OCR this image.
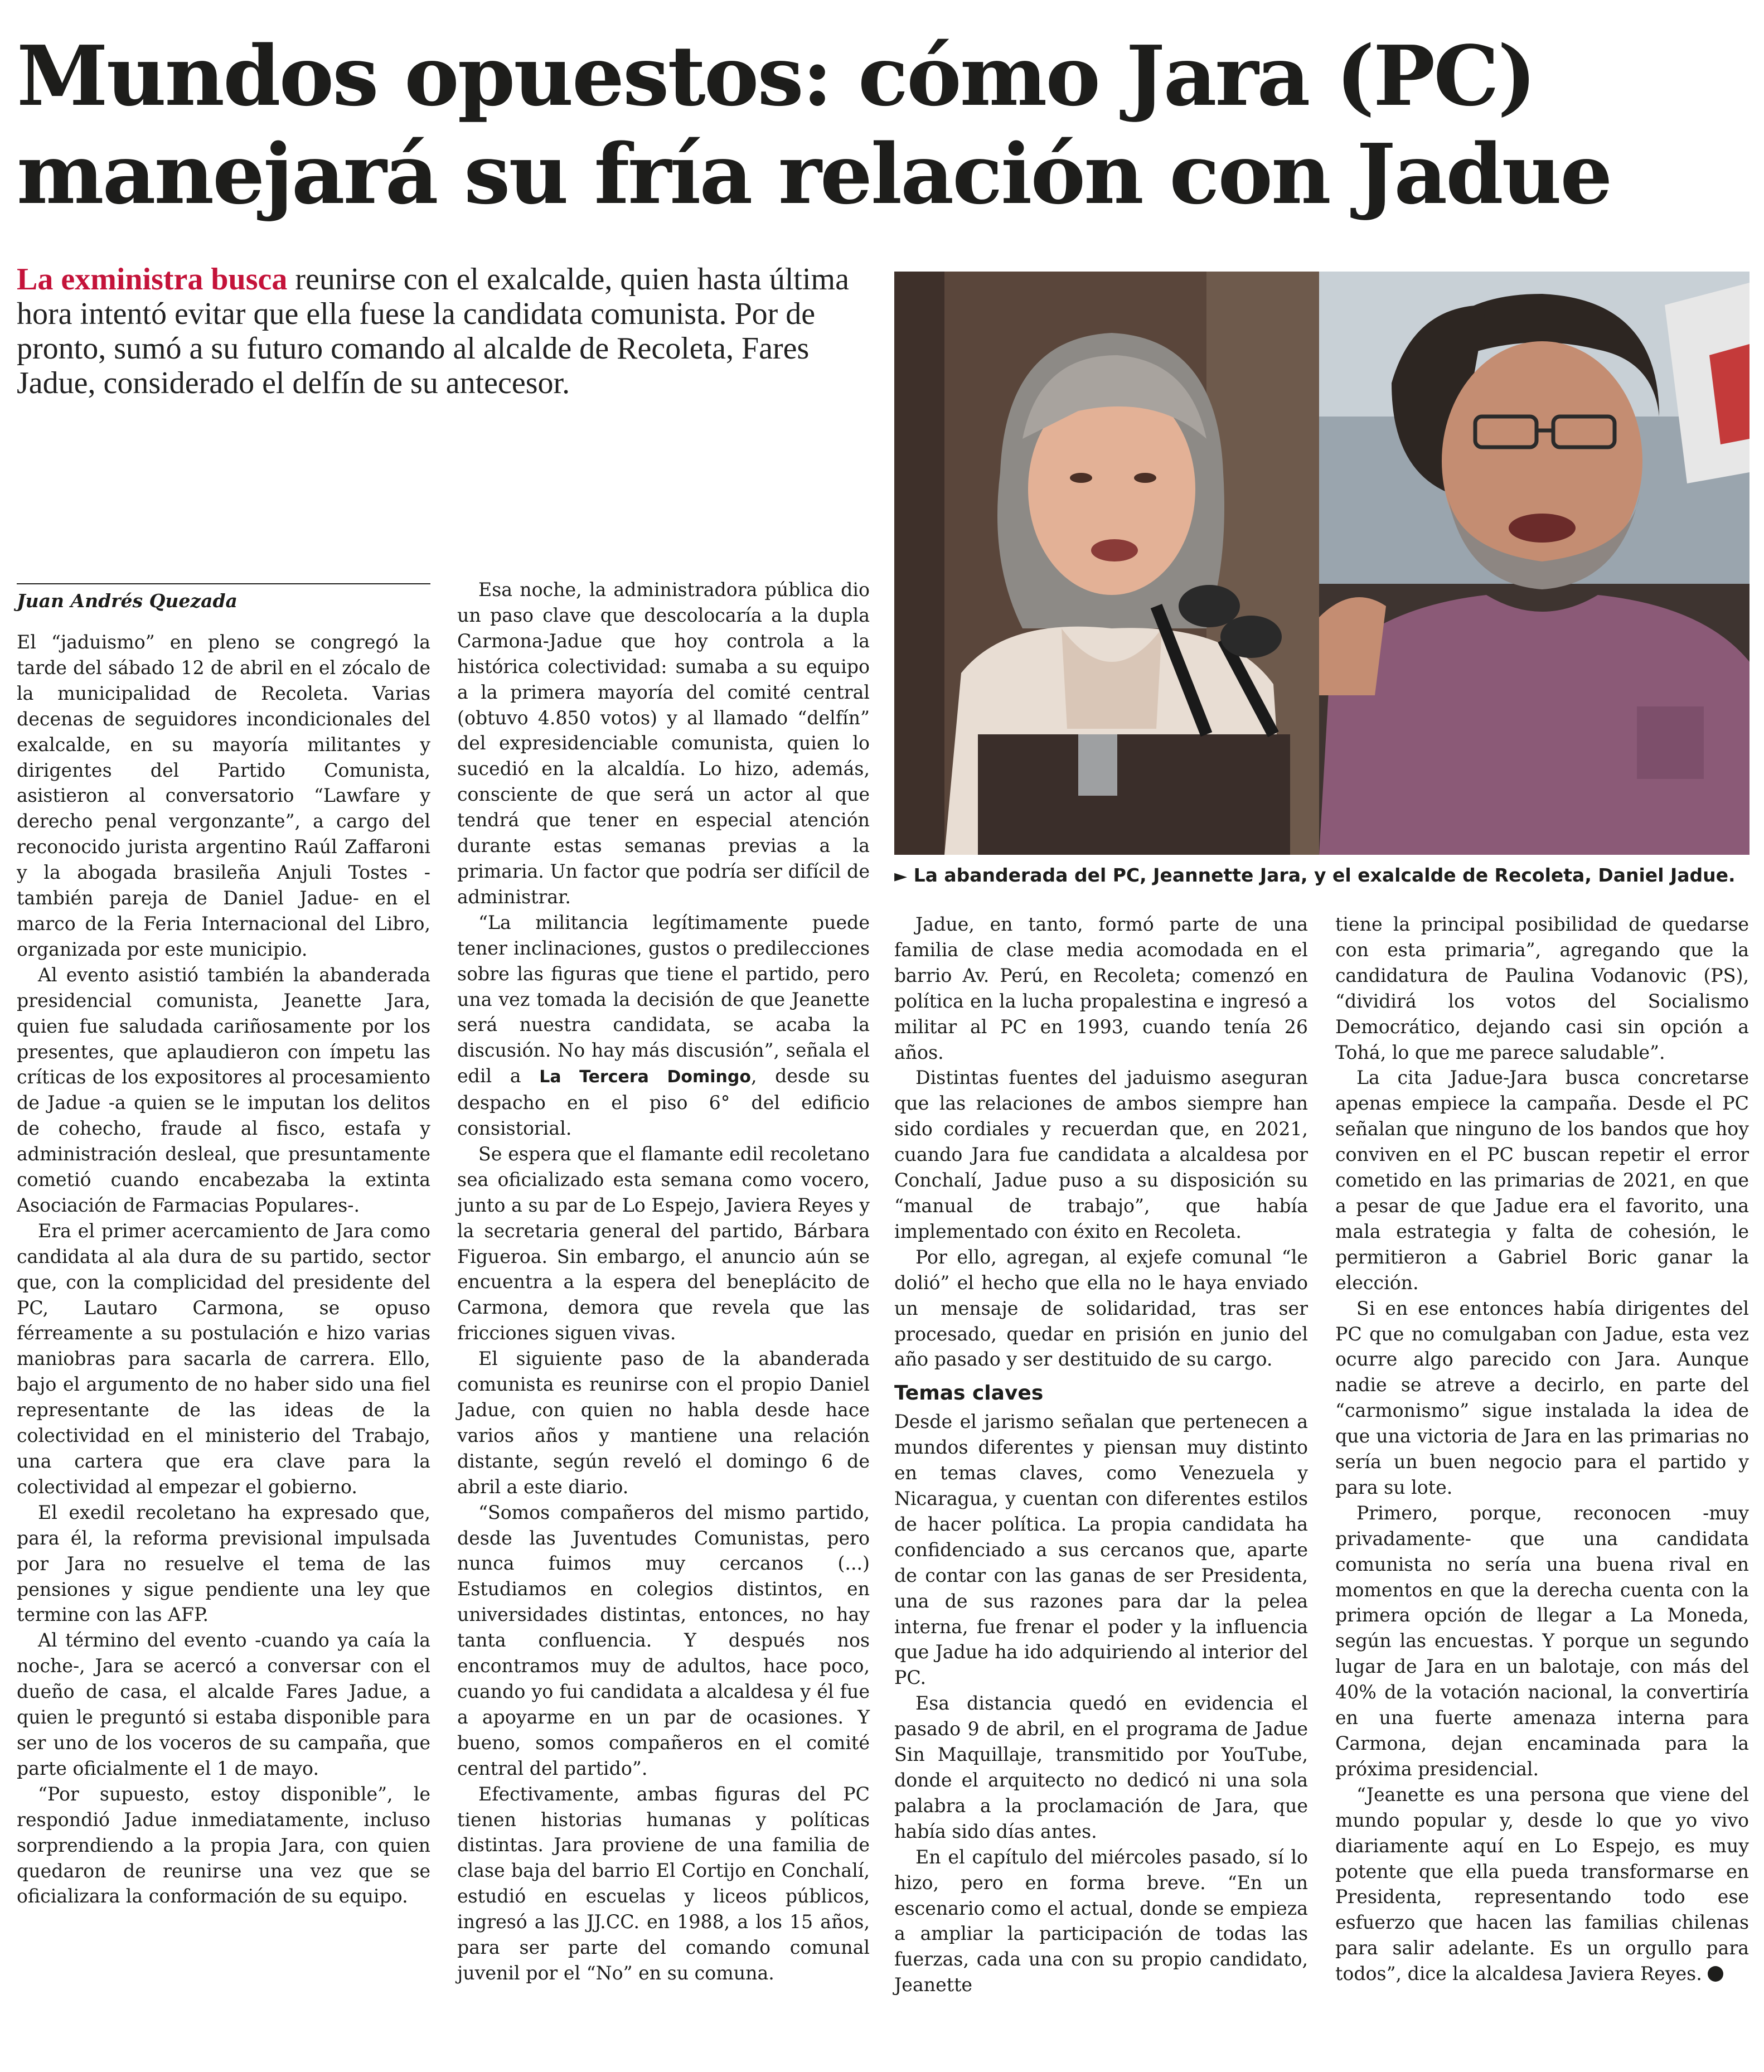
Mundos opuestos: cómo Jara (PC)
manejará su fría relación con Jadue
La exministra busca reunirse con el exalcalde, quien hasta última hora intentó evitar que ella fuese la candidata comunista. Por de pronto, sumó a su futuro comando al alcalde de Recoleta, Fares Jadue, considerado el delfín de su antecesor.
► La abanderada del PC, Jeannette Jara, y el exalcalde de Recoleta, Daniel Jadue.
Juan Andrés Quezada

El “jaduismo” en pleno se congregó la tarde del sábado 12 de abril en el zócalo de la municipalidad de Recoleta. Varias decenas de seguidores incondicionales del exalcalde, en su mayoría militantes y dirigentes del Partido Comunista, asistieron al conversatorio “Lawfare y derecho penal vergonzante”, a cargo del reconocido jurista argentino Raúl Zaffaroni y la abogada brasileña Anjuli Tostes -también pareja de Daniel Jadue- en el marco de la Feria Internacional del Libro, organizada por este municipio.

Al evento asistió también la abanderada presidencial comunista, Jeanette Jara, quien fue saludada cariñosamente por los presentes, que aplaudieron con ímpetu las críticas de los expositores al procesamiento de Jadue -a quien se le imputan los delitos de cohecho, fraude al fisco, estafa y administración desleal, que presuntamente cometió cuando encabezaba la extinta Asociación de Farmacias Populares-.

Era el primer acercamiento de Jara como candidata al ala dura de su partido, sector que, con la complicidad del presidente del PC, Lautaro Carmona, se opuso férreamente a su postulación e hizo varias maniobras para sacarla de carrera. Ello, bajo el argumento de no haber sido una fiel representante de las ideas de la colectividad en el ministerio del Trabajo, una cartera que era clave para la colectividad al empezar el gobierno.

El exedil recoletano ha expresado que, para él, la reforma previsional impulsada por Jara no resuelve el tema de las pensiones y sigue pendiente una ley que termine con las AFP.

Al término del evento -cuando ya caía la noche-, Jara se acercó a conversar con el dueño de casa, el alcalde Fares Jadue, a quien le preguntó si estaba disponible para ser uno de los voceros de su campaña, que parte oficialmente el 1 de mayo.

“Por supuesto, estoy disponible”, le respondió Jadue inmediatamente, incluso sorprendiendo a la propia Jara, con quien quedaron de reunirse una vez que se oficializara la conformación de su equipo.

Esa noche, la administradora pública dio un paso clave que descolocaría a la dupla Carmona-Jadue que hoy controla a la histórica colectividad: sumaba a su equipo a la primera mayoría del comité central (obtuvo 4.850 votos) y al llamado “delfín” del expresidenciable comunista, quien lo sucedió en la alcaldía. Lo hizo, además, consciente de que será un actor al que tendrá que tener en especial atención durante estas semanas previas a la primaria. Un factor que podría ser difícil de administrar.

“La militancia legítimamente puede tener inclinaciones, gustos o predilecciones sobre las figuras que tiene el partido, pero una vez tomada la decisión de que Jeanette será nuestra candidata, se acaba la discusión. No hay más discusión”, señala el edil a La Tercera Domingo, desde su despacho en el piso 6° del edificio consistorial.

Se espera que el flamante edil recoletano sea oficializado esta semana como vocero, junto a su par de Lo Espejo, Javiera Reyes y la secretaria general del partido, Bárbara Figueroa. Sin embargo, el anuncio aún se encuentra a la espera del beneplácito de Carmona, demora que revela que las fricciones siguen vivas.

El siguiente paso de la abanderada comunista es reunirse con el propio Daniel Jadue, con quien no habla desde hace varios años y mantiene una relación distante, según reveló el domingo 6 de abril a este diario.

“Somos compañeros del mismo partido, desde las Juventudes Comunistas, pero nunca fuimos muy cercanos (...) Estudiamos en colegios distintos, en universidades distintas, entonces, no hay tanta confluencia. Y después nos encontramos muy de adultos, hace poco, cuando yo fui candidata a alcaldesa y él fue a apoyarme en un par de ocasiones. Y bueno, somos compañeros en el comité central del partido”.

Efectivamente, ambas figuras del PC tienen historias humanas y políticas distintas. Jara proviene de una familia de clase baja del barrio El Cortijo en Conchalí, estudió en escuelas y liceos públicos, ingresó a las JJ.CC. en 1988, a los 15 años, para ser parte del comando comunal juvenil por el “No” en su comuna.

Jadue, en tanto, formó parte de una familia de clase media acomodada en el barrio Av. Perú, en Recoleta; comenzó en política en la lucha propalestina e ingresó a militar al PC en 1993, cuando tenía 26 años.

Distintas fuentes del jaduismo aseguran que las relaciones de ambos siempre han sido cordiales y recuerdan que, en 2021, cuando Jara fue candidata a alcaldesa por Conchalí, Jadue puso a su disposición su “manual de trabajo”, que había implementado con éxito en Recoleta.

Por ello, agregan, al exjefe comunal “le dolió” el hecho que ella no le haya enviado un mensaje de solidaridad, tras ser procesado, quedar en prisión en junio del año pasado y ser destituido de su cargo.

Temas claves

Desde el jarismo señalan que pertenecen a mundos diferentes y piensan muy distinto en temas claves, como Venezuela y Nicaragua, y cuentan con diferentes estilos de hacer política. La propia candidata ha confidenciado a sus cercanos que, aparte de contar con las ganas de ser Presidenta, una de sus razones para dar la pelea interna, fue frenar el poder y la influencia que Jadue ha ido adquiriendo al interior del PC.

Esa distancia quedó en evidencia el pasado 9 de abril, en el programa de Jadue Sin Maquillaje, transmitido por YouTube, donde el arquitecto no dedicó ni una sola palabra a la proclamación de Jara, que había sido días antes.

En el capítulo del miércoles pasado, sí lo hizo, pero en forma breve. “En un escenario como el actual, donde se empieza a ampliar la participación de todas las fuerzas, cada una con su propio candidato, Jeanette

tiene la principal posibilidad de quedarse con esta primaria”, agregando que la candidatura de Paulina Vodanovic (PS), “dividirá los votos del Socialismo Democrático, dejando casi sin opción a Tohá, lo que me parece saludable”.

La cita Jadue-Jara busca concretarse apenas empiece la campaña. Desde el PC señalan que ninguno de los bandos que hoy conviven en el PC buscan repetir el error cometido en las primarias de 2021, en que a pesar de que Jadue era el favorito, una mala estrategia y falta de cohesión, le permitieron a Gabriel Boric ganar la elección.

Si en ese entonces había dirigentes del PC que no comulgaban con Jadue, esta vez ocurre algo parecido con Jara. Aunque nadie se atreve a decirlo, en parte del “carmonismo” sigue instalada la idea de que una victoria de Jara en las primarias no sería un buen negocio para el partido y para su lote.

Primero, porque, reconocen -muy privadamente- que una candidata comunista no sería una buena rival en momentos en que la derecha cuenta con la primera opción de llegar a La Moneda, según las encuestas. Y porque un segundo lugar de Jara en un balotaje, con más del 40% de la votación nacional, la convertiría en una fuerte amenaza interna para Carmona, dejan encaminada para la próxima presidencial.

“Jeanette es una persona que viene del mundo popular y, desde lo que yo vivo diariamente aquí en Lo Espejo, es muy potente que ella pueda transformarse en Presidenta, representando todo ese esfuerzo que hacen las familias chilenas para salir adelante. Es un orgullo para todos”, dice la alcaldesa Javiera Reyes.
